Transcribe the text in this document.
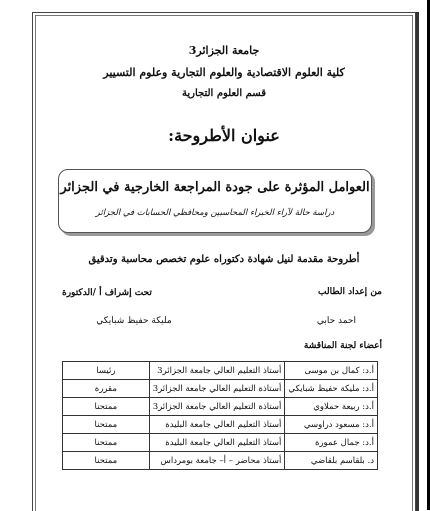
جامعة الجزائر3
كلية العلوم الاقتصادية والعلوم التجارية وعلوم التسيير
قسم العلوم التجارية
عنوان الأطروحة:
العوامل المؤثرة على جودة المراجعة الخارجية في الجزائر
دراسة حالة لآراء الخبراء المحاسبين ومحافظي الحسابات في الجزائر
أطروحة مقدمة لنيل شهادة دكتوراه علوم تخصص محاسبة وتدقيق
من إعداد الطالب
تحت إشراف أ /الدكتورة
احمد حابي
مليكة حفيظ شبايكي
أعضاء لجنة المناقشة
أ.د: كمال بن موسى	أستاذ التعليم العالي جامعة الجزائر3	رئيسا
أ.د: مليكة حفيظ شبايكي	أستاذة التعليم العالي جامعة الجزائر3	مقررة
أ.د: ربيعة حملاوي	أستاذة التعليم العالي جامعة الجزائر3	ممتحنا
أ.د: مسعود دراوسي	أستاذ التعليم العالي جامعة البليدة	ممتحنا
أ.د: جمال عمورة	أستاذ التعليم العالي جامعة البليدة	ممتحنا
د. بلقاسم بلقاضي	أستاذ محاضر – أ– جامعة بومرداس	ممتحنا
